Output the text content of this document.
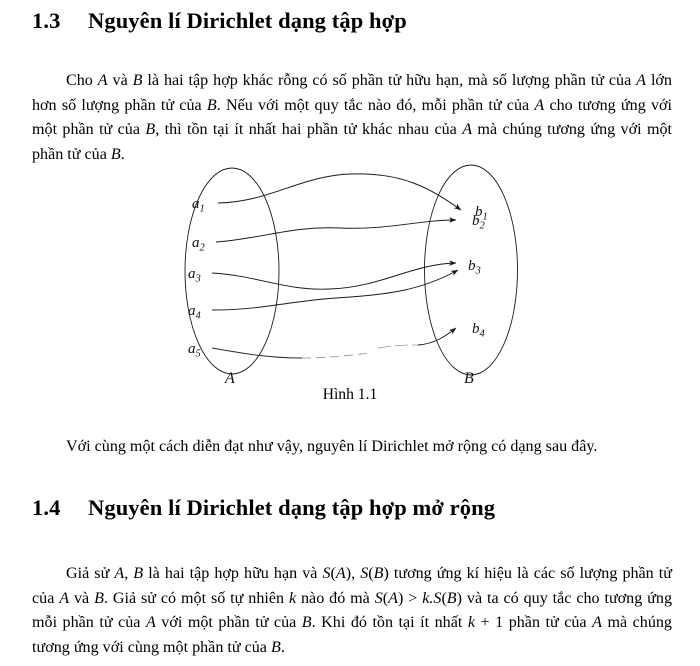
1.3 Nguyên lí Dirichlet dạng tập hợp

Cho A và B là hai tập hợp khác rỗng có số phần tử hữu hạn, mà số lượng phần tử của A lớn hơn số lượng phần tử của B. Nếu với một quy tắc nào đó, mỗi phần tử của A cho tương ứng với một phần tử của B, thì tồn tại ít nhất hai phần tử khác nhau của A mà chúng tương ứng với một phần tử của B.

$a_1$
$a_2$
$a_3$
$a_4$
$a_5$
$b_1$
$b_2$
$b_3$
$b_4$
A	B
Hình 1.1

Với cùng một cách diễn đạt như vậy, nguyên lí Dirichlet mở rộng có dạng sau đây.

1.4 Nguyên lí Dirichlet dạng tập hợp mở rộng

Giả sử A, B là hai tập hợp hữu hạn và S(A), S(B) tương ứng kí hiệu là các số lượng phần tử của A và B. Giả sử có một số tự nhiên k nào đó mà S(A) > k.S(B) và ta có quy tắc cho tương ứng mỗi phần tử của A với một phần tử của B. Khi đó tồn tại ít nhất k + 1 phần tử của A mà chúng tương ứng với cùng một phần tử của B.
